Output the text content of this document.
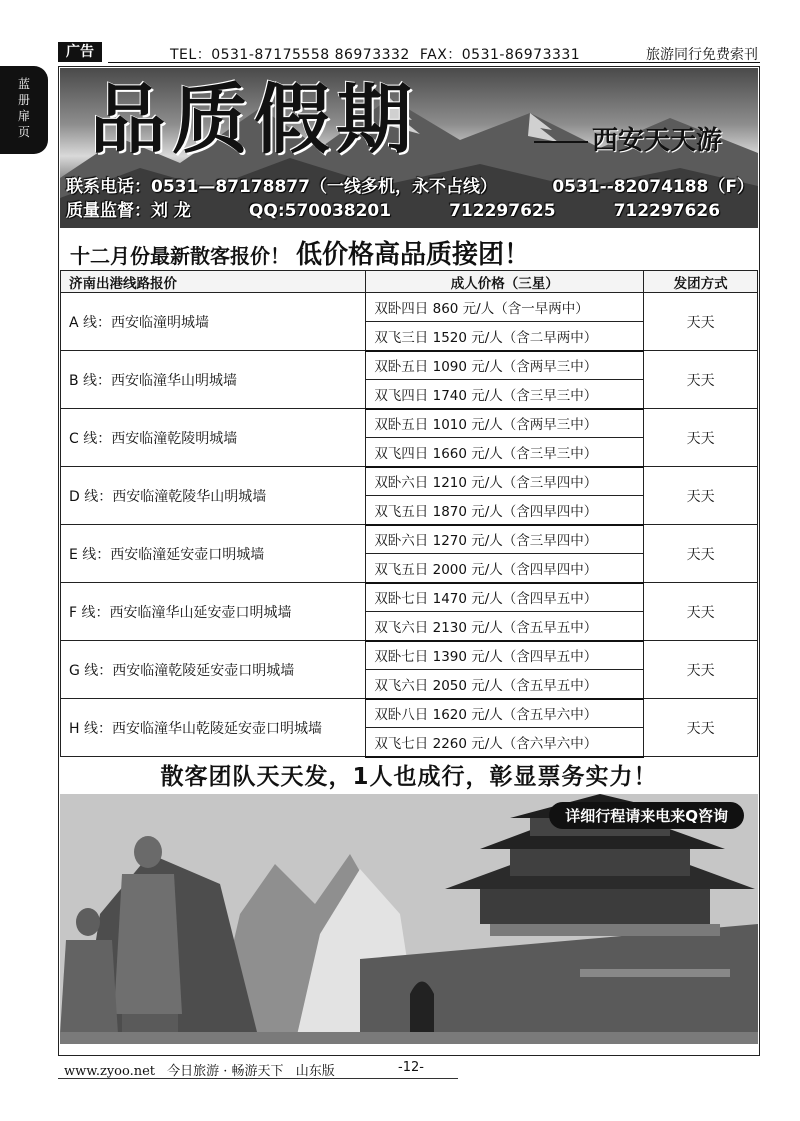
广告	TEL：0531-87175558 86973332 FAX：0531-86973331	旅游同行免费索刊
蓝
册
扉
页 品质假期	西安天天游
联系电话：0531—87178877（一线多机，永不占线）	0531--82074188（F）
质量监督：刘 龙	QQ:570038201	712297625	712297626
十二月份最新散客报价！ 低价格高品质接团！
济南出港线路报价	成人价格（三星）	发团方式
A 线：西安临潼明城墙	双卧四日 860 元/人（含一早两中）	天天
	双飞三日 1520 元/人（含二早两中）	
B 线：西安临潼华山明城墙	双卧五日 1090 元/人（含两早三中）	天天
	双飞四日 1740 元/人（含三早三中）	
C 线：西安临潼乾陵明城墙	双卧五日 1010 元/人（含两早三中）	天天
	双飞四日 1660 元/人（含三早三中）	
D 线：西安临潼乾陵华山明城墙	双卧六日 1210 元/人（含三早四中）	天天
	双飞五日 1870 元/人（含四早四中）	
E 线：西安临潼延安壶口明城墙	双卧六日 1270 元/人（含三早四中）	天天
	双飞五日 2000 元/人（含四早四中）	
F 线：西安临潼华山延安壶口明城墙	双卧七日 1470 元/人（含四早五中）	天天
	双飞六日 2130 元/人（含五早五中）	
G 线：西安临潼乾陵延安壶口明城墙	双卧七日 1390 元/人（含四早五中）	天天
	双飞六日 2050 元/人（含五早五中）	
H 线：西安临潼华山乾陵延安壶口明城墙	双卧八日 1620 元/人（含五早六中）	天天
	双飞七日 2260 元/人（含六早六中）	
散客团队天天发，1人也成行，彰显票务实力！
详细行程请来电来Q咨询
www.zyoo.net 今日旅游 · 畅游天下 山东版	-12-
